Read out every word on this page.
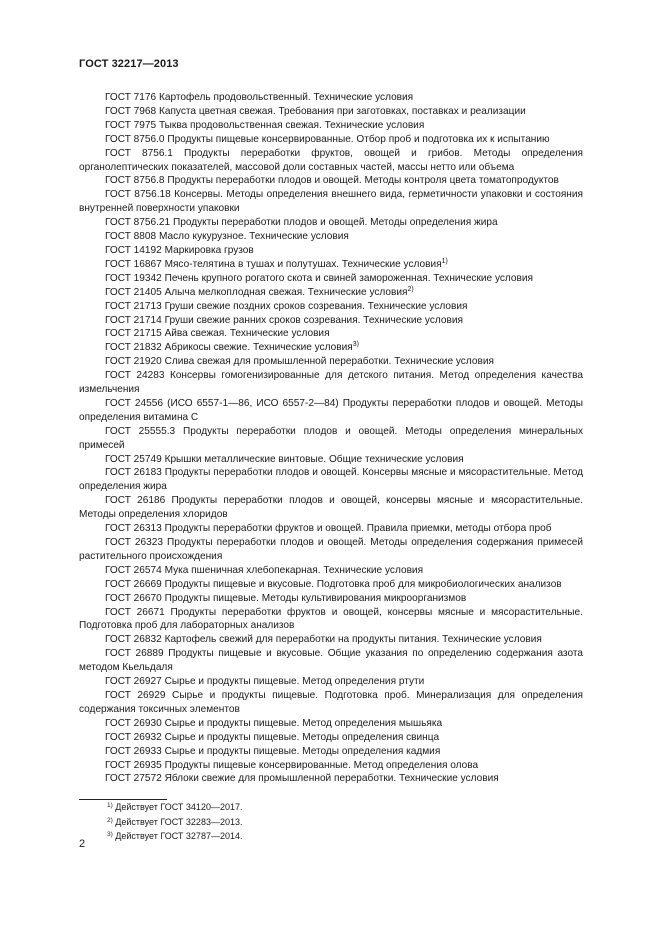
ГОСТ 32217—2013

ГОСТ 7176 Картофель продовольственный. Технические условия

ГОСТ 7968 Капуста цветная свежая. Требования при заготовках, поставках и реализации

ГОСТ 7975 Тыква продовольственная свежая. Технические условия

ГОСТ 8756.0 Продукты пищевые консервированные. Отбор проб и подготовка их к испытанию

ГОСТ 8756.1 Продукты переработки фруктов, овощей и грибов. Методы определения органолептических показателей, массовой доли составных частей, массы нетто или объема

ГОСТ 8756.8 Продукты переработки плодов и овощей. Методы контроля цвета томатопродуктов

ГОСТ 8756.18 Консервы. Методы определения внешнего вида, герметичности упаковки и состояния внутренней поверхности упаковки

ГОСТ 8756.21 Продукты переработки плодов и овощей. Методы определения жира

ГОСТ 8808 Масло кукурузное. Технические условия

ГОСТ 14192 Маркировка грузов

ГОСТ 16867 Мясо-телятина в тушах и полутушах. Технические условия$^{1)}$

ГОСТ 19342 Печень крупного рогатого скота и свиней замороженная. Технические условия

ГОСТ 21405 Алыча мелкоплодная свежая. Технические условия$^{2)}$

ГОСТ 21713 Груши свежие поздних сроков созревания. Технические условия

ГОСТ 21714 Груши свежие ранних сроков созревания. Технические условия

ГОСТ 21715 Айва свежая. Технические условия

ГОСТ 21832 Абрикосы свежие. Технические условия$^{3)}$

ГОСТ 21920 Слива свежая для промышленной переработки. Технические условия

ГОСТ 24283 Консервы гомогенизированные для детского питания. Метод определения качества измельчения

ГОСТ 24556 (ИСО 6557-1—86, ИСО 6557-2—84) Продукты переработки плодов и овощей. Методы определения витамина С

ГОСТ 25555.3 Продукты переработки плодов и овощей. Методы определения минеральных примесей

ГОСТ 25749 Крышки металлические винтовые. Общие технические условия

ГОСТ 26183 Продукты переработки плодов и овощей. Консервы мясные и мясорастительные. Метод определения жира

ГОСТ 26186 Продукты переработки плодов и овощей, консервы мясные и мясорастительные. Методы определения хлоридов

ГОСТ 26313 Продукты переработки фруктов и овощей. Правила приемки, методы отбора проб

ГОСТ 26323 Продукты переработки плодов и овощей. Методы определения содержания примесей растительного происхождения

ГОСТ 26574 Мука пшеничная хлебопекарная. Технические условия

ГОСТ 26669 Продукты пищевые и вкусовые. Подготовка проб для микробиологических анализов

ГОСТ 26670 Продукты пищевые. Методы культивирования микроорганизмов

ГОСТ 26671 Продукты переработки фруктов и овощей, консервы мясные и мясорастительные. Подготовка проб для лабораторных анализов

ГОСТ 26832 Картофель свежий для переработки на продукты питания. Технические условия

ГОСТ 26889 Продукты пищевые и вкусовые. Общие указания по определению содержания азота методом Кьельдаля

ГОСТ 26927 Сырье и продукты пищевые. Метод определения ртути

ГОСТ 26929 Сырье и продукты пищевые. Подготовка проб. Минерализация для определения содержания токсичных элементов

ГОСТ 26930 Сырье и продукты пищевые. Метод определения мышьяка

ГОСТ 26932 Сырье и продукты пищевые. Методы определения свинца

ГОСТ 26933 Сырье и продукты пищевые. Методы определения кадмия

ГОСТ 26935 Продукты пищевые консервированные. Метод определения олова

ГОСТ 27572 Яблоки свежие для промышленной переработки. Технические условия

$^{1)}$ Действует ГОСТ 34120—2017.
$^{2)}$ Действует ГОСТ 32283—2013.
$^{3)}$ Действует ГОСТ 32787—2014.
2
